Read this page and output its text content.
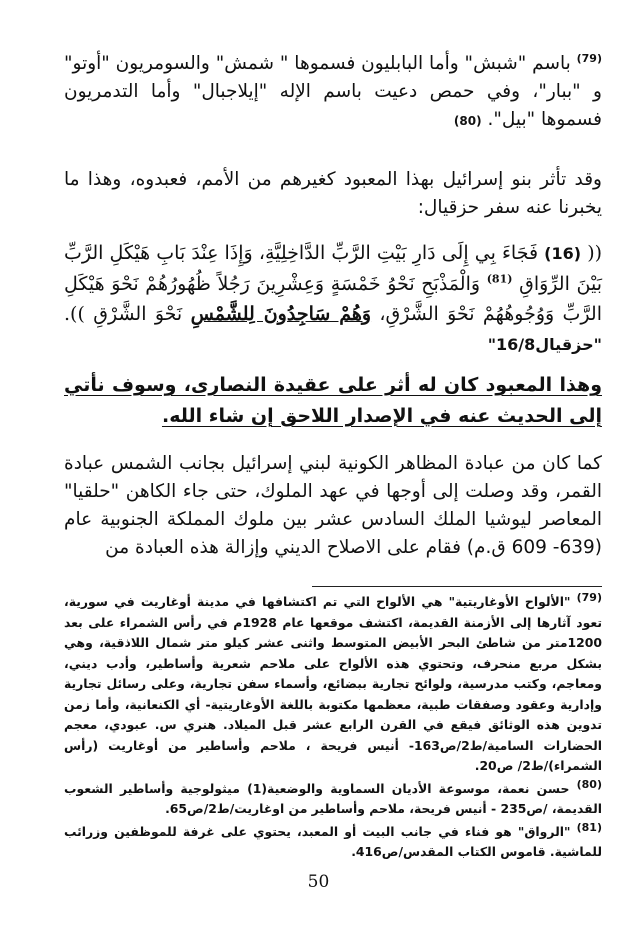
$^{(79)}$ باسم "شبش" وأما البابليون فسموها " شمش" والسومريون "أوتو" و "ببار"، وفي حمص دعيت باسم الإله "إيلاجبال" وأما التدمريون فسموها "بيل". (80)
وقد تأثر بنو إسرائيل بهذا المعبود كغيرهم من الأمم، فعبدوه، وهذا ما يخبرنا عنه سفر حزقيال:
(( (16) فَجَاءَ بِي إِلَى دَارِ بَيْتِ الرَّبِّ الدَّاخِلِيَّةِ، وَإِذَا عِنْدَ بَابِ هَيْكَلِ الرَّبِّ بَيْنَ الرِّوَاقِ $^{(81)}$ وَالْمَذْبَحِ نَحْوُ خَمْسَةٍ وَعِشْرِينَ رَجُلاً ظُهُورُهُمْ نَحْوَ هَيْكَلِ الرَّبِّ وَوُجُوهُهُمْ نَحْوَ الشَّرْقِ، وَهُمْ سَاجِدُونَ لِلشَّمْسِ نَحْوَ الشَّرْقِ )). "حزقيال16/8"
وهذا المعبود كان له أثر على عقيدة النصارى، وسوف نأتي إلى الحديث عنه في الإصدار اللاحق إن شاء الله.
كما كان من عبادة المظاهر الكونية لبني إسرائيل بجانب الشمس عبادة القمر، وقد وصلت إلى أوجها في عهد الملوك، حتى جاء الكاهن "حلقيا" المعاصر ليوشيا الملك السادس عشر بين ملوك المملكة الجنوبية عام (639- 609 ق.م) فقام على الاصلاح الديني وإزالة هذه العبادة من

(79) "الألواح الأوغاريتية" هي الألواح التي تم اكتشافها في مدينة أوغاريت في سورية، تعود آثارها إلى الأزمنة القديمة، اكتشف موقعها عام 1928م في رأس الشمراء على بعد 1200متر من شاطئ البحر الأبيض المتوسط واثنى عشر كيلو متر شمال اللاذقية، وهي بشكل مربع منحرف، وتحتوي هذه الألواح على ملاحم شعرية وأساطير، وأدب ديني، ومعاجم، وكتب مدرسية، ولوائح تجارية ببضائع، وأسماء سفن تجارية، وعلى رسائل تجارية وإدارية وعقود وصفقات طبية، معظمها مكتوبة باللغة الأوغاريتية- أي الكنعانية، وأما زمن تدوين هذه الوثائق فيقع في القرن الرابع عشر قبل الميلاد. هنري س. عبودي، معجم الحضارات السامية/ط2/ص163- أنيس فريحة ، ملاحم وأساطير من أوغاريت (رأس الشمراء)/ط2/ ص20.

(80) حسن نعمة، موسوعة الأديان السماوية والوضعية(1) ميثولوجية وأساطير الشعوب القديمة، /ص235 - أنيس فريحة، ملاحم وأساطير من اوغاريت/ط2/ص65.

(81) "الرواق" هو فناء في جانب البيت أو المعبد، يحتوي على غرفة للموظفين وزرائب للماشية. قاموس الكتاب المقدس/ص416.

50
